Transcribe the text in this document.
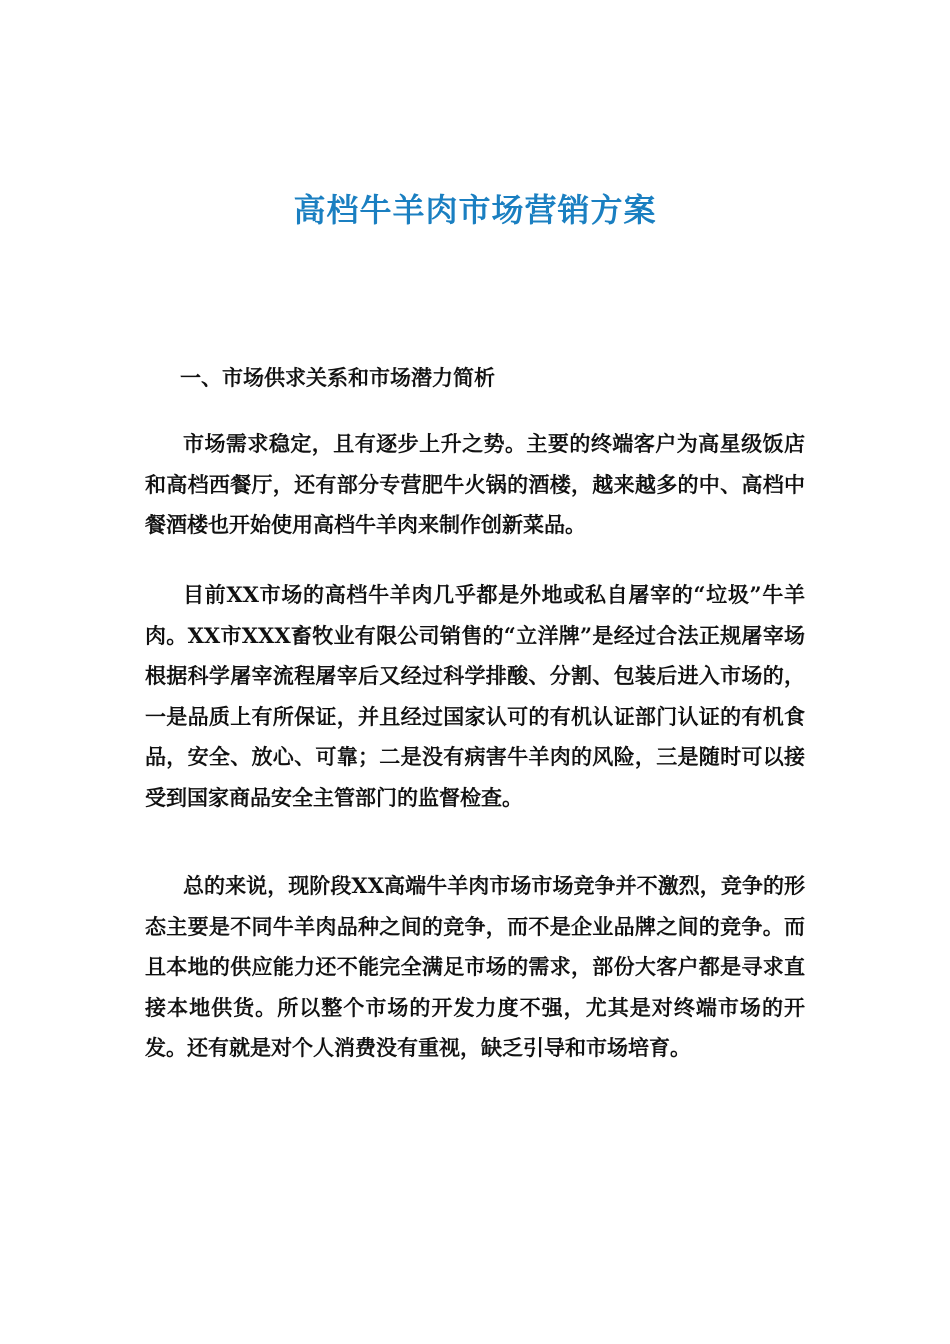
高档牛羊肉市场营销方案
一、市场供求关系和市场潜力简析
市场需求稳定，且有逐步上升之势。主要的终端客户为高星级饭店和高档西餐厅，还有部分专营肥牛火锅的酒楼，越来越多的中、高档中餐酒楼也开始使用高档牛羊肉来制作创新菜品。
目前XX市场的高档牛羊肉几乎都是外地或私自屠宰的“垃圾”牛羊肉。XX市XXX畜牧业有限公司销售的“立洋牌”是经过合法正规屠宰场根据科学屠宰流程屠宰后又经过科学排酸、分割、包装后进入市场的，一是品质上有所保证，并且经过国家认可的有机认证部门认证的有机食品，安全、放心、可靠；二是没有病害牛羊肉的风险，三是随时可以接受到国家商品安全主管部门的监督检查。
总的来说，现阶段XX高端牛羊肉市场市场竞争并不激烈，竞争的形态主要是不同牛羊肉品种之间的竞争，而不是企业品牌之间的竞争。而且本地的供应能力还不能完全满足市场的需求，部份大客户都是寻求直接本地供货。所以整个市场的开发力度不强，尤其是对终端市场的开发。还有就是对个人消费没有重视，缺乏引导和市场培育。
